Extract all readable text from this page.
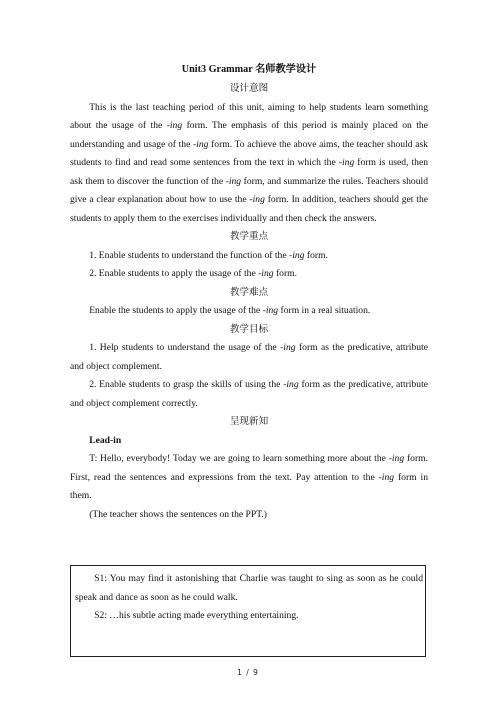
Unit3 Grammar 名师教学设计

设计意图

This is the last teaching period of this unit, aiming to help students learn something about the usage of the -ing form. The emphasis of this period is mainly placed on the understanding and usage of the -ing form. To achieve the above aims, the teacher should ask students to find and read some sentences from the text in which the -ing form is used, then ask them to discover the function of the -ing form, and summarize the rules. Teachers should give a clear explanation about how to use the -ing form. In addition, teachers should get the students to apply them to the exercises individually and then check the answers.

教学重点

1. Enable students to understand the function of the -ing form.

2. Enable students to apply the usage of the -ing form.

教学难点

Enable the students to apply the usage of the -ing form in a real situation.

教学目标

1. Help students to understand the usage of the -ing form as the predicative, attribute and object complement.

2. Enable students to grasp the skills of using the -ing form as the predicative, attribute and object complement correctly.

呈现新知

Lead-in

T: Hello, everybody! Today we are going to learn something more about the -ing form. First, read the sentences and expressions from the text. Pay attention to the -ing form in them.

(The teacher shows the sentences on the PPT.)

S1: You may find it astonishing that Charlie was taught to sing as soon as he could speak and dance as soon as he could walk.

S2: …his subtle acting made everything entertaining.

1 / 9
